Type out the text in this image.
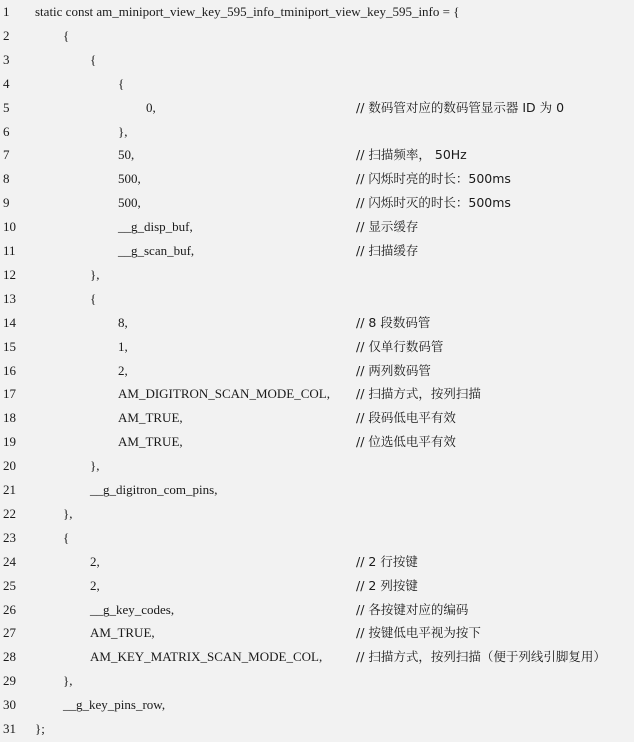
1 static const am_miniport_view_key_595_info_tminiport_view_key_595_info = {
2	{
3	{
4	{
5	0,	// 数码管对应的数码管显示器 ID 为 0
6	},
7	50,	// 扫描频率， 50Hz
8	500,	// 闪烁时亮的时长：500ms
9	500,	// 闪烁时灭的时长：500ms
10	__g_disp_buf,	// 显示缓存
11	__g_scan_buf,	// 扫描缓存
12	},
13	{
14	8,	// 8 段数码管
15	1,	// 仅单行数码管
16	2,	// 两列数码管
17	AM_DIGITRON_SCAN_MODE_COL, // 扫描方式，按列扫描
18	AM_TRUE,	// 段码低电平有效
19	AM_TRUE,	// 位选低电平有效
20	},
21	__g_digitron_com_pins,
22	},
23	{
24	2,	// 2 行按键
25	2,	// 2 列按键
26	__g_key_codes,	// 各按键对应的编码
27	AM_TRUE,	// 按键低电平视为按下
28	AM_KEY_MATRIX_SCAN_MODE_COL,	// 扫描方式，按列扫描（便于列线引脚复用）
29	},
30	__g_key_pins_row,
31 };
